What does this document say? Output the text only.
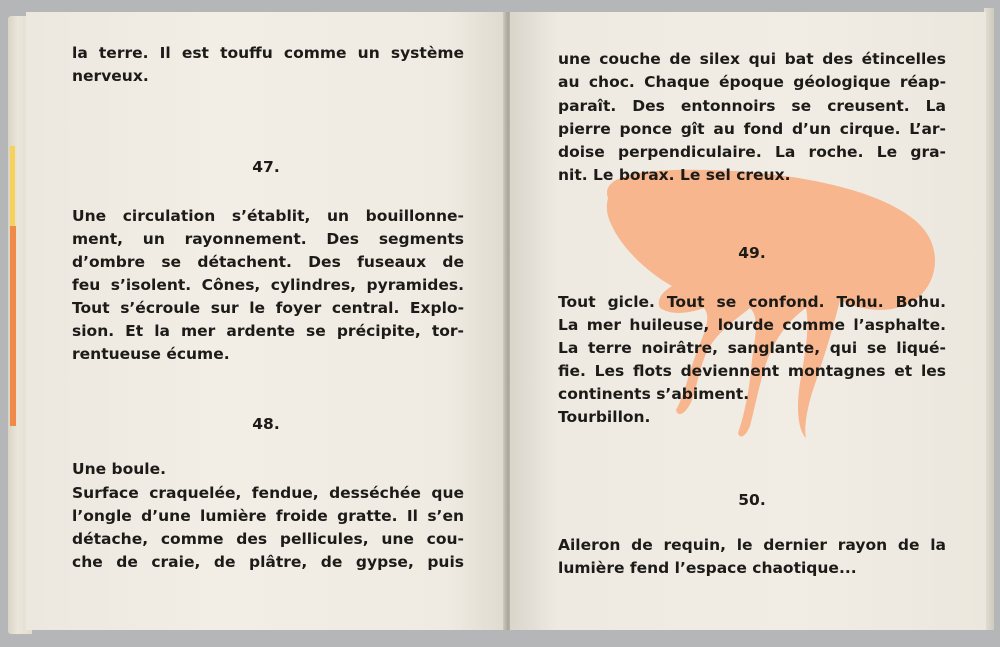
la terre. Il est touffu comme un système
nerveux.
47.
Une circulation s’établit, un bouillonne-
ment, un rayonnement. Des segments
d’ombre se détachent. Des fuseaux de
feu s’isolent. Cônes, cylindres, pyramides.
Tout s’écroule sur le foyer central. Explo-
sion. Et la mer ardente se précipite, tor-
rentueuse écume.
48.
Une boule.
Surface craquelée, fendue, desséchée que
l’ongle d’une lumière froide gratte. Il s’en
détache, comme des pellicules, une cou-
che de craie, de plâtre, de gypse, puis
une couche de silex qui bat des étincelles
au choc. Chaque époque géologique réap-
paraît. Des entonnoirs se creusent. La
pierre ponce gît au fond d’un cirque. L’ar-
doise perpendiculaire. La roche. Le gra-
nit. Le borax. Le sel creux.
49.
Tout gicle. Tout se confond. Tohu. Bohu.
La mer huileuse, lourde comme l’asphalte.
La terre noirâtre, sanglante, qui se liqué-
fie. Les flots deviennent montagnes et les
continents s’abiment.
Tourbillon.
50.
Aileron de requin, le dernier rayon de la
lumière fend l’espace chaotique...
